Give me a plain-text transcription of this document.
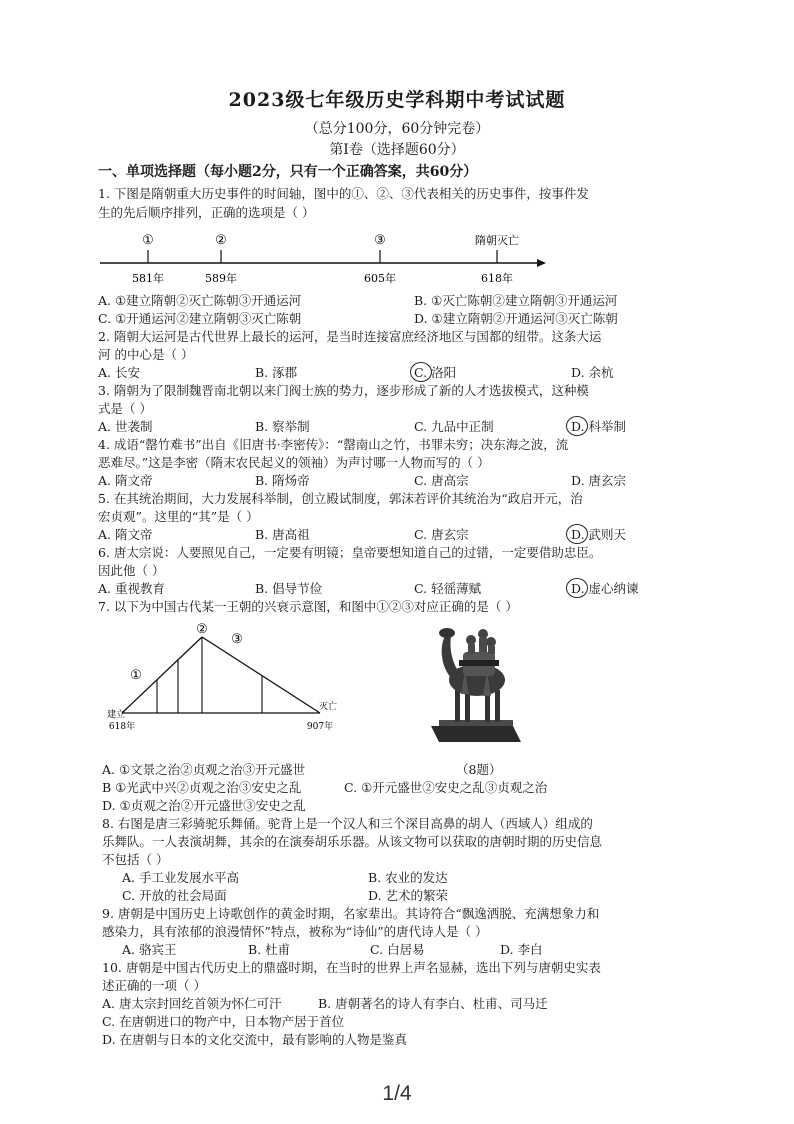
2023级七年级历史学科期中考试试题
（总分100分，60分钟完卷）
第Ⅰ卷（选择题60分）
一、单项选择题（每小题2分，只有一个正确答案，共60分）
1. 下图是隋朝重大历史事件的时间轴，图中的①、②、③代表相关的历史事件，按事件发
生的先后顺序排列，正确的选项是（ ）
①	②	③	隋朝灭亡
581年	589年	605年	618年
A. ①建立隋朝②灭亡陈朝③开通运河	B. ①灭亡陈朝②建立隋朝③开通运河
C. ①开通运河②建立隋朝③灭亡陈朝	D. ①建立隋朝②开通运河③灭亡陈朝
2. 隋朝大运河是古代世界上最长的运河，是当时连接富庶经济地区与国都的纽带。这条大运
河 的中心是（ ）
A. 长安	B. 涿郡	C. 洛阳	D. 余杭
3. 隋朝为了限制魏晋南北朝以来门阀士族的势力，逐步形成了新的人才选拔模式，这种模
式是（ ）
A. 世袭制	B. 察举制	C. 九品中正制	D. 科举制
4. 成语“罄竹难书”出自《旧唐书·李密传》：“罄南山之竹，书罪未穷；决东海之波，流
恶难尽。”这是李密（隋末农民起义的领袖）为声讨哪一人物而写的（ ）
A. 隋文帝	B. 隋炀帝	C. 唐高宗	D. 唐玄宗
5. 在其统治期间，大力发展科举制，创立殿试制度，郭沫若评价其统治为“政启开元，治
宏贞观”。这里的“其”是（ ）
A. 隋文帝	B. 唐高祖	C. 唐玄宗	D. 武则天
6. 唐太宗说：人要照见自己，一定要有明镜；皇帝要想知道自己的过错，一定要借助忠臣。
因此他（ ）
A. 重视教育	B. 倡导节俭	C. 轻徭薄赋	D. 虚心纳谏
7. 以下为中国古代某一王朝的兴衰示意图，和图中①②③对应正确的是（ ）
①
②
③
建立
灭亡
618年	907年
（8题）
A. ①文景之治②贞观之治③开元盛世
B ①光武中兴②贞观之治③安史之乱	C. ①开元盛世②安史之乱③贞观之治
D. ①贞观之治②开元盛世③安史之乱
8. 右图是唐三彩骑驼乐舞俑。驼背上是一个汉人和三个深目高鼻的胡人（西域人）组成的
乐舞队。一人表演胡舞，其余的在演奏胡乐乐器。从该文物可以获取的唐朝时期的历史信息
不包括（ ）
A. 手工业发展水平高	B. 农业的发达
C. 开放的社会局面	D. 艺术的繁荣
9. 唐朝是中国历史上诗歌创作的黄金时期，名家辈出。其诗符合“飘逸洒脱、充满想象力和
感染力，具有浓郁的浪漫情怀”特点，被称为“诗仙”的唐代诗人是（ ）
A. 骆宾王	B. 杜甫	C. 白居易	D. 李白
10. 唐朝是中国古代历史上的鼎盛时期，在当时的世界上声名显赫，选出下列与唐朝史实表
述正确的一项（ ）
A. 唐太宗封回纥首领为怀仁可汗	B. 唐朝著名的诗人有李白、杜甫、司马迁
C. 在唐朝进口的物产中，日本物产居于首位
D. 在唐朝与日本的文化交流中，最有影响的人物是鉴真
1/4
